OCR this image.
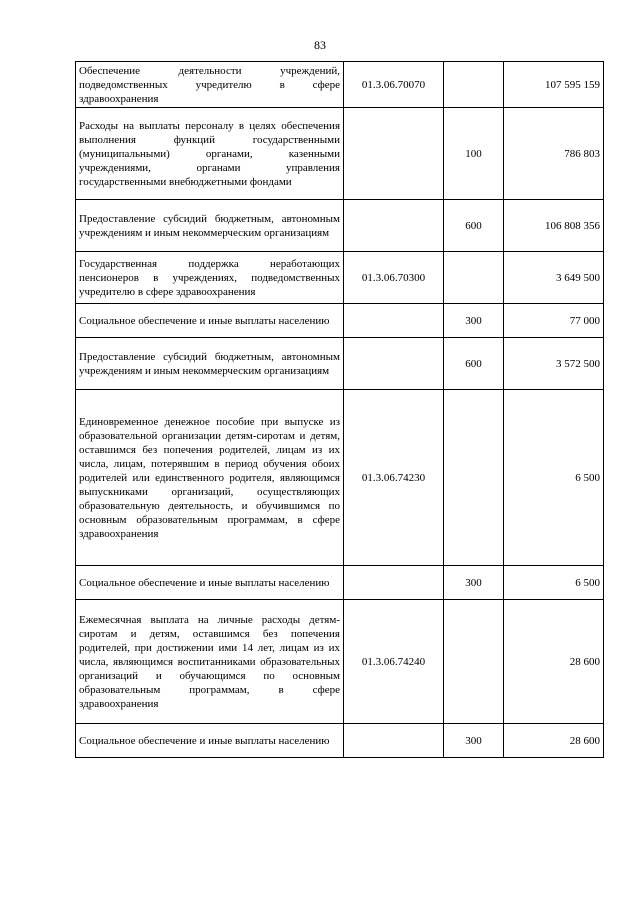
83
Обеспечение деятельности учреждений, подведомственных учредителю в сфере здравоохранения	01.3.06.70070		107 595 159
Расходы на выплаты персоналу в целях обеспечения выполнения функций государственными (муниципальными) органами, казенными учреждениями, органами управления государственными внебюджетными фондами		100	786 803
Предоставление субсидий бюджетным, автономным учреждениям и иным некоммерческим организациям		600	106 808 356
Государственная поддержка неработающих пенсионеров в учреждениях, подведомственных учредителю в сфере здравоохранения	01.3.06.70300		3 649 500
Социальное обеспечение и иные выплаты населению		300	77 000
Предоставление субсидий бюджетным, автономным учреждениям и иным некоммерческим организациям		600	3 572 500
Единовременное денежное пособие при выпуске из образовательной организации детям-сиротам и детям, оставшимся без попечения родителей, лицам из их числа, лицам, потерявшим в период обучения обоих родителей или единственного родителя, являющимся выпускниками организаций, осуществляющих образовательную деятельность, и обучившимся по основным образовательным программам, в сфере здравоохранения	01.3.06.74230		6 500
Социальное обеспечение и иные выплаты населению		300	6 500
Ежемесячная выплата на личные расходы детям-сиротам и детям, оставшимся без попечения родителей, при достижении ими 14 лет, лицам из их числа, являющимся воспитанниками образовательных организаций и обучающимся по основным образовательным программам, в сфере здравоохранения	01.3.06.74240		28 600
Социальное обеспечение и иные выплаты населению		300	28 600
